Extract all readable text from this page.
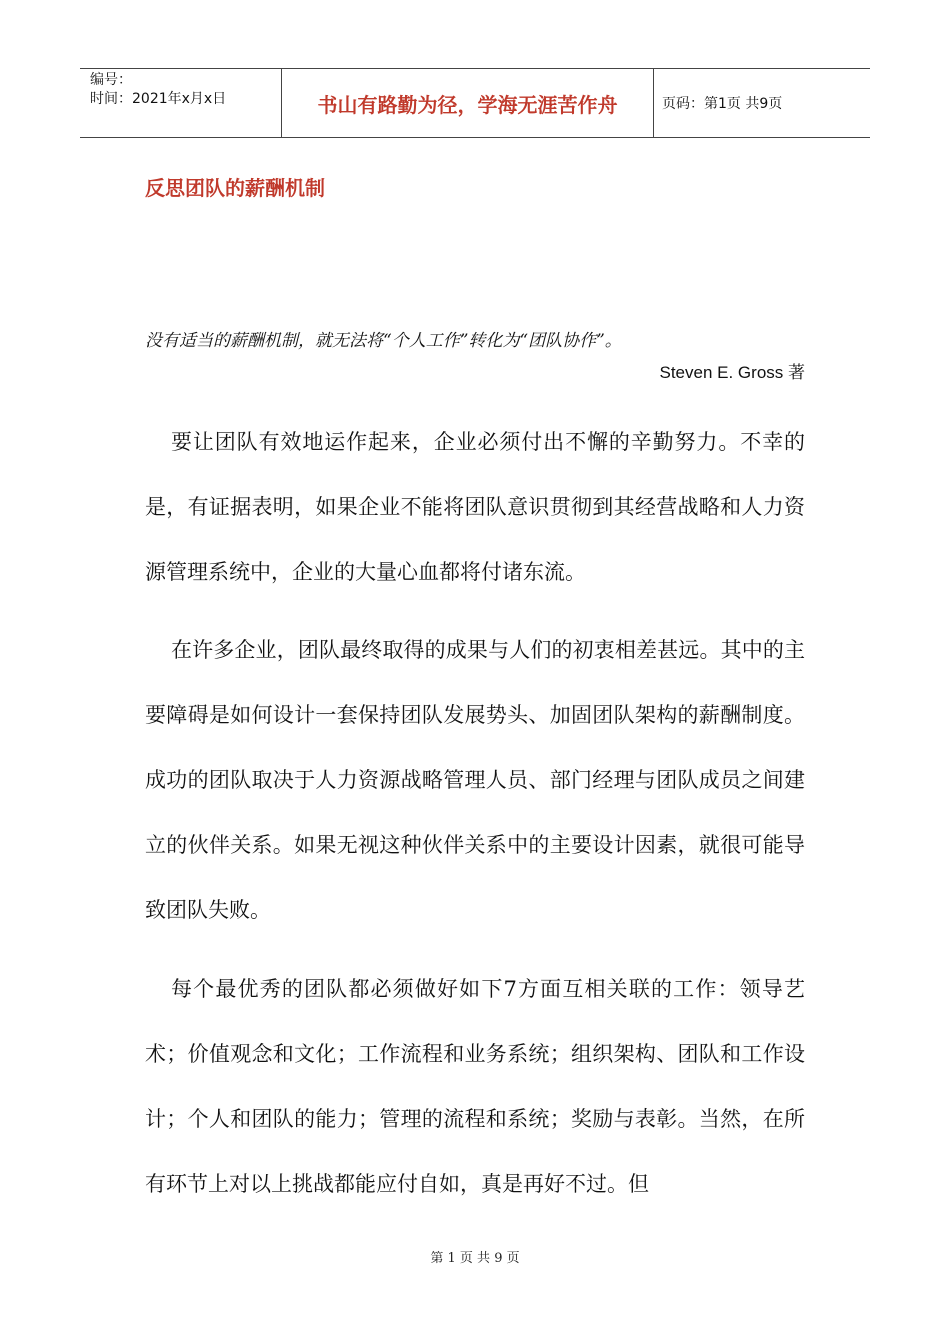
编号：
时间：2021年x月x日	书山有路勤为径，学海无涯苦作舟	页码：第1页 共9页
反思团队的薪酬机制

没有适当的薪酬机制，就无法将“个人工作”转化为“团队协作”。

Steven E. Gross 著

要让团队有效地运作起来，企业必须付出不懈的辛勤努力。不幸的是，有证据表明，如果企业不能将团队意识贯彻到其经营战略和人力资源管理系统中，企业的大量心血都将付诸东流。

在许多企业，团队最终取得的成果与人们的初衷相差甚远。其中的主要障碍是如何设计一套保持团队发展势头、加固团队架构的薪酬制度。成功的团队取决于人力资源战略管理人员、部门经理与团队成员之间建立的伙伴关系。如果无视这种伙伴关系中的主要设计因素，就很可能导致团队失败。

每个最优秀的团队都必须做好如下7方面互相关联的工作：领导艺术；价值观念和文化；工作流程和业务系统；组织架构、团队和工作设计；个人和团队的能力；管理的流程和系统；奖励与表彰。当然，在所有环节上对以上挑战都能应付自如，真是再好不过。但

第 1 页 共 9 页
